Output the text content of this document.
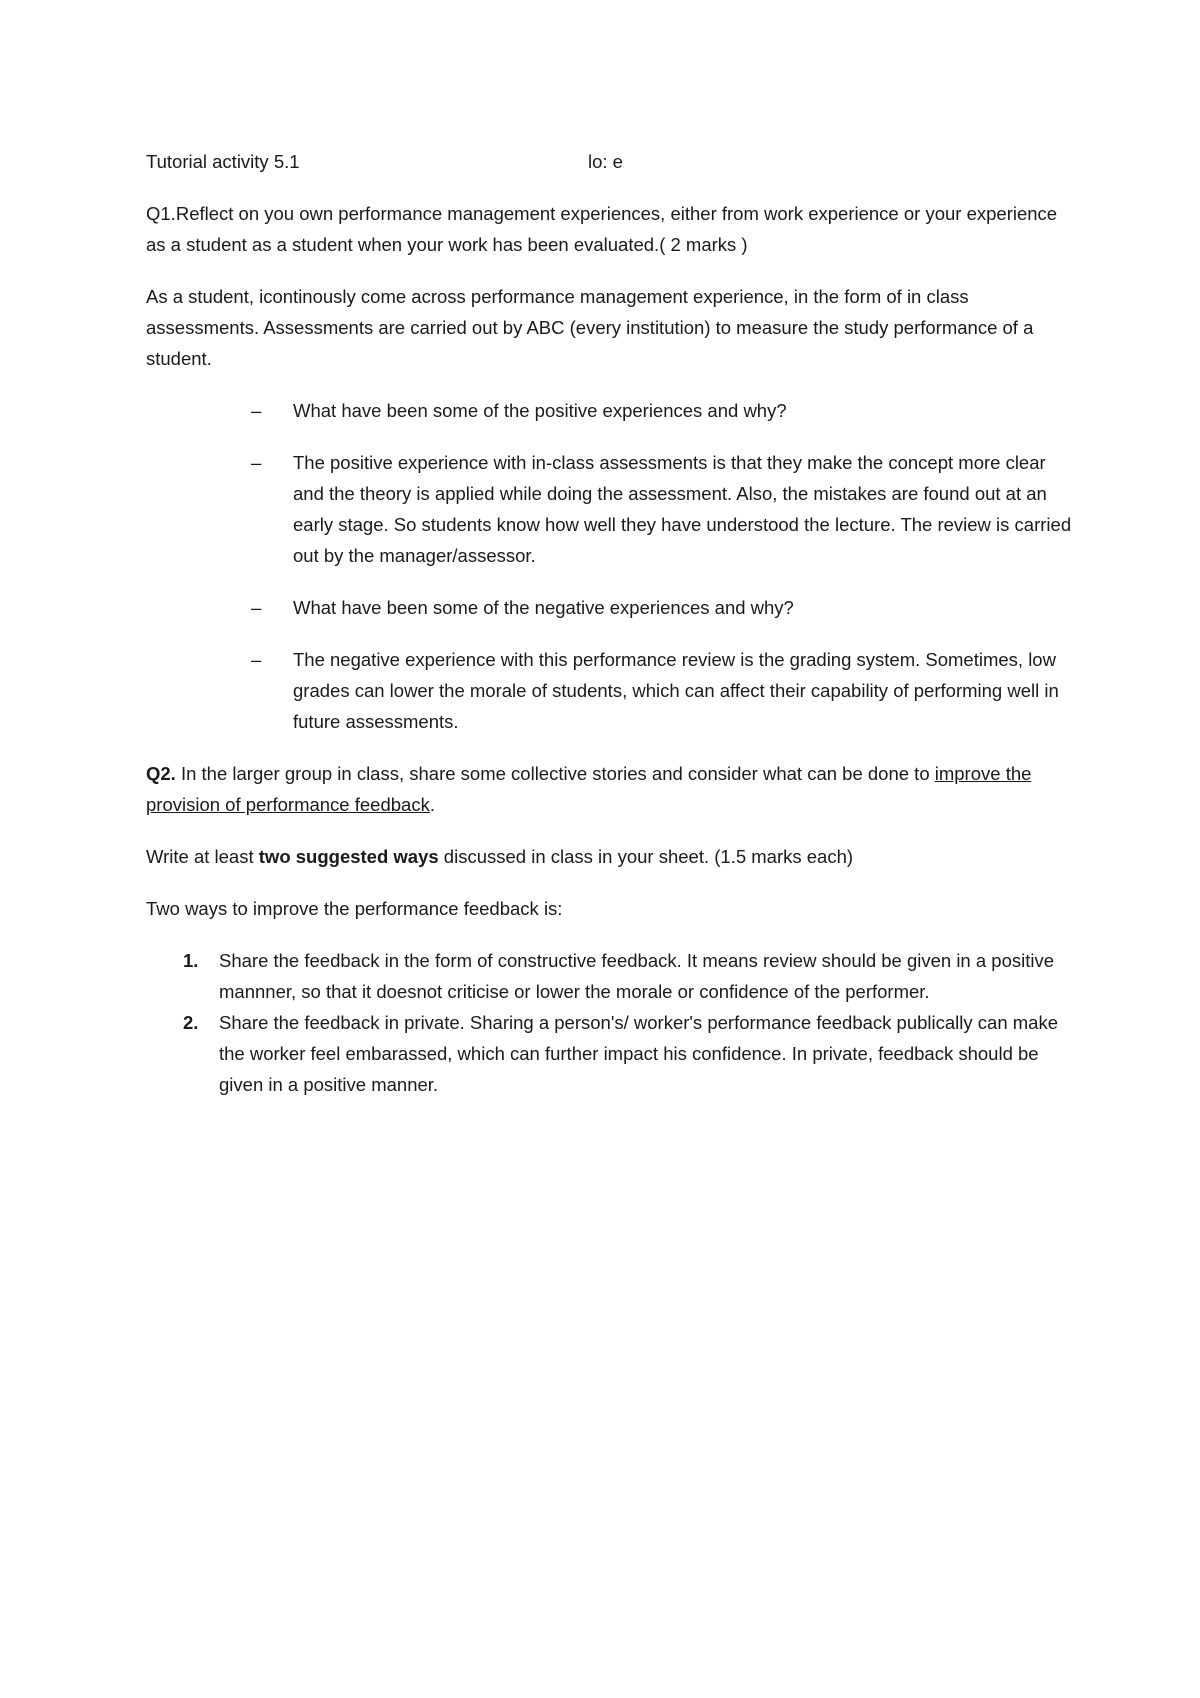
Tutorial activity 5.1	lo: e

Q1.Reflect on you own performance management experiences, either from work experience or your experience as a student as a student when your work has been evaluated.( 2 marks )

As a student, icontinously come across performance management experience, in the form of in class assessments. Assessments are carried out by ABC (every institution) to measure the study performance of a student.

– What have been some of the positive experiences and why?
– The positive experience with in-class assessments is that they make the concept more clear and the theory is applied while doing the assessment. Also, the mistakes are found out at an early stage. So students know how well they have understood the lecture. The review is carried out by the manager/assessor.
– What have been some of the negative experiences and why?
– The negative experience with this performance review is the grading system. Sometimes, low grades can lower the morale of students, which can affect their capability of performing well in future assessments.

Q2. In the larger group in class, share some collective stories and consider what can be done to improve the provision of performance feedback.

Write at least two suggested ways discussed in class in your sheet. (1.5 marks each)

Two ways to improve the performance feedback is:

1. Share the feedback in the form of constructive feedback. It means review should be given in a positive mannner, so that it doesnot criticise or lower the morale or confidence of the performer.
2. Share the feedback in private. Sharing a person's/ worker's performance feedback publically can make the worker feel embarassed, which can further impact his confidence. In private, feedback should be given in a positive manner.
